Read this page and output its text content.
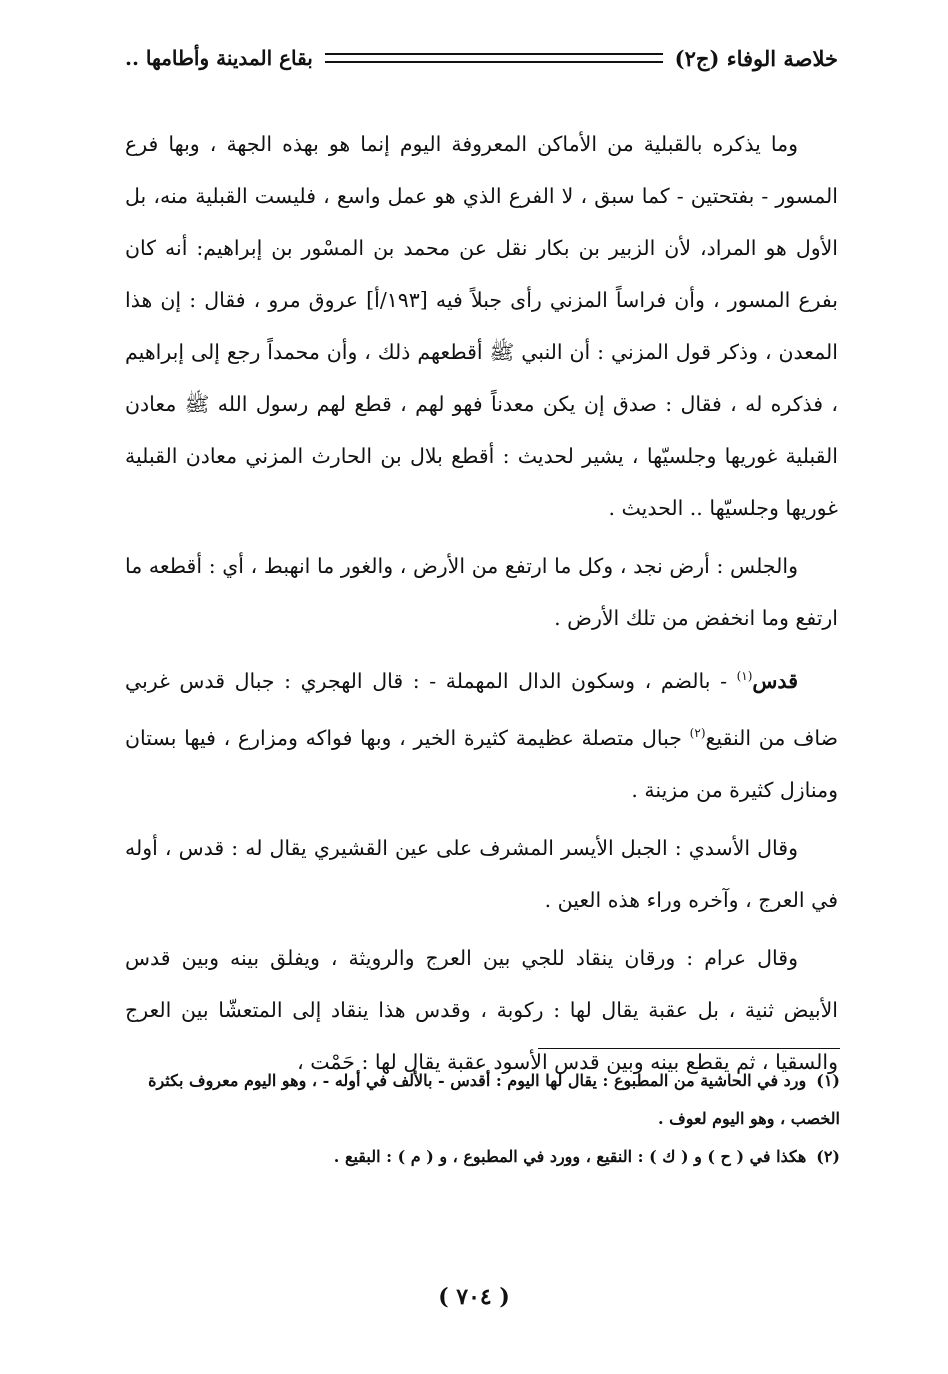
خلاصة الوفاء (ج٢)
بقاع المدينة وأطامها ..

وما يذكره بالقبلية من الأماكن المعروفة اليوم إنما هو بهذه الجهة ، وبها فرع المسور - بفتحتين - كما سبق ، لا الفرع الذي هو عمل واسع ، فليست القبلية منه، بل الأول هو المراد، لأن الزبير بن بكار نقل عن محمد بن المسْور بن إبراهيم: أنه كان بفرع المسور ، وأن فراساً المزني رأى جبلاً فيه [١٩٣/أ] عروق مرو ، فقال : إن هذا المعدن ، وذكر قول المزني : أن النبي ﷺ أقطعهم ذلك ، وأن محمداً رجع إلى إبراهيم ، فذكره له ، فقال : صدق إن يكن معدناً فهو لهم ، قطع لهم رسول الله ﷺ معادن القبلية غوريها وجلسيّها ، يشير لحديث : أقطع بلال بن الحارث المزني معادن القبلية غوريها وجلسيّها .. الحديث .

والجلس : أرض نجد ، وكل ما ارتفع من الأرض ، والغور ما انهبط ، أي : أقطعه ما ارتفع وما انخفض من تلك الأرض .

قدس$^{(١)}$ - بالضم ، وسكون الدال المهملة - : قال الهجري : جبال قدس غربي ضاف من النقيع$^{(٢)}$ جبال متصلة عظيمة كثيرة الخير ، وبها فواكه ومزارع ، فيها بستان ومنازل كثيرة من مزينة .

وقال الأسدي : الجبل الأيسر المشرف على عين القشيري يقال له : قدس ، أوله في العرج ، وآخره وراء هذه العين .

وقال عرام : ورقان ينقاد للجي بين العرج والرويثة ، ويفلق بينه وبين قدس الأبيض ثنية ، بل عقبة يقال لها : ركوبة ، وقدس هذا ينقاد إلى المتعشّا بين العرج والسقيا ، ثم يقطع بينه وبين قدس الأسود عقبة يقال لها : حَمْت ،

(١)ورد في الحاشية من المطبوع : يقال لها اليوم : أقدس - بالألف في أوله - ، وهو اليوم معروف بكثرة الخصب ، وهو اليوم لعوف .

(٢)هكذا في ( ح ) و ( ك ) : النقيع ، وورد في المطبوع ، و ( م ) : البقيع .

( ٧٠٤ )
